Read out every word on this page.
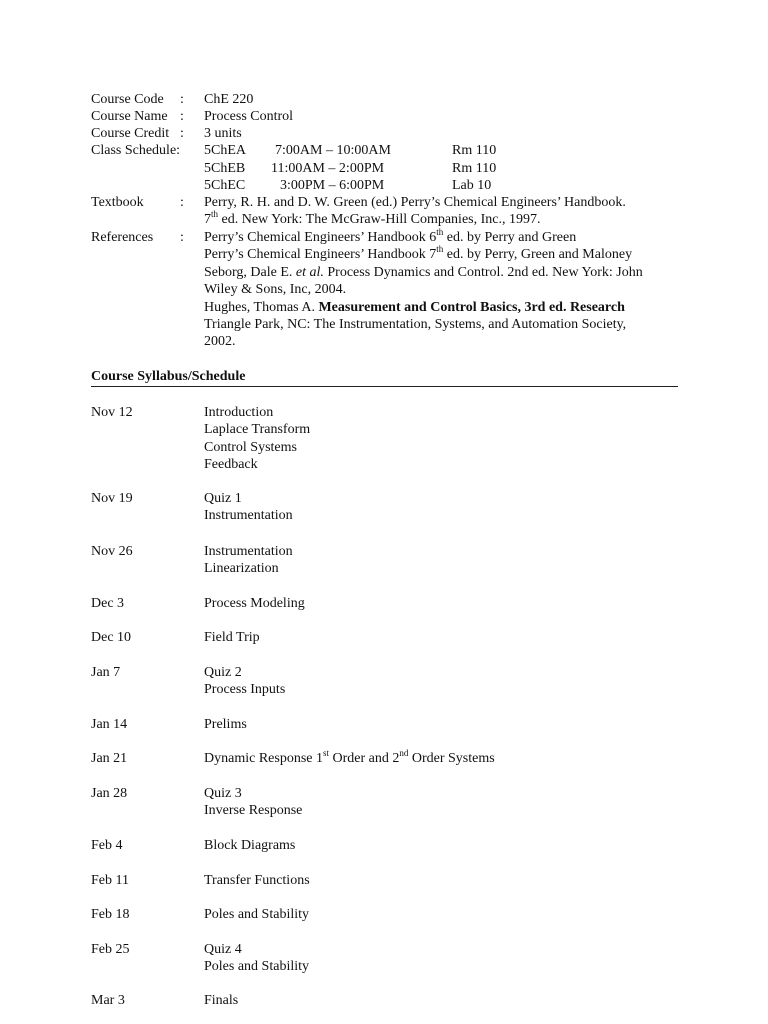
Course Code : ChE 220
Course Name : Process Control
Course Credit : 3 units
Class Schedule: 5ChEA 7:00AM – 10:00AM	Rm 110
5ChEB 11:00AM – 2:00PM	Rm 110
5ChEC 3:00PM – 6:00PM	Lab 10
Textbook	: Perry, R. H. and D. W. Green (ed.) Perry’s Chemical Engineers’ Handbook.
7th ed. New York: The McGraw-Hill Companies, Inc., 1997.
References : Perry’s Chemical Engineers’ Handbook 6th ed. by Perry and Green
Perry’s Chemical Engineers’ Handbook 7th ed. by Perry, Green and Maloney
Seborg, Dale E. et al. Process Dynamics and Control. 2nd ed. New York: John
Wiley & Sons, Inc, 2004.
Hughes, Thomas A. Measurement and Control Basics, 3rd ed. Research
Triangle Park, NC: The Instrumentation, Systems, and Automation Society,
2002.
Course Syllabus/Schedule
Nov 12	Introduction
Laplace Transform
Control Systems
Feedback
Nov 19	Quiz 1
Instrumentation
Nov 26	Instrumentation
Linearization
Dec 3	Process Modeling
Dec 10	Field Trip
Jan 7	Quiz 2
Process Inputs
Jan 14	Prelims
Jan 21	Dynamic Response 1st Order and 2nd Order Systems
Jan 28	Quiz 3
Inverse Response
Feb 4	Block Diagrams
Feb 11	Transfer Functions
Feb 18	Poles and Stability
Feb 25	Quiz 4
Poles and Stability
Mar 3	Finals
